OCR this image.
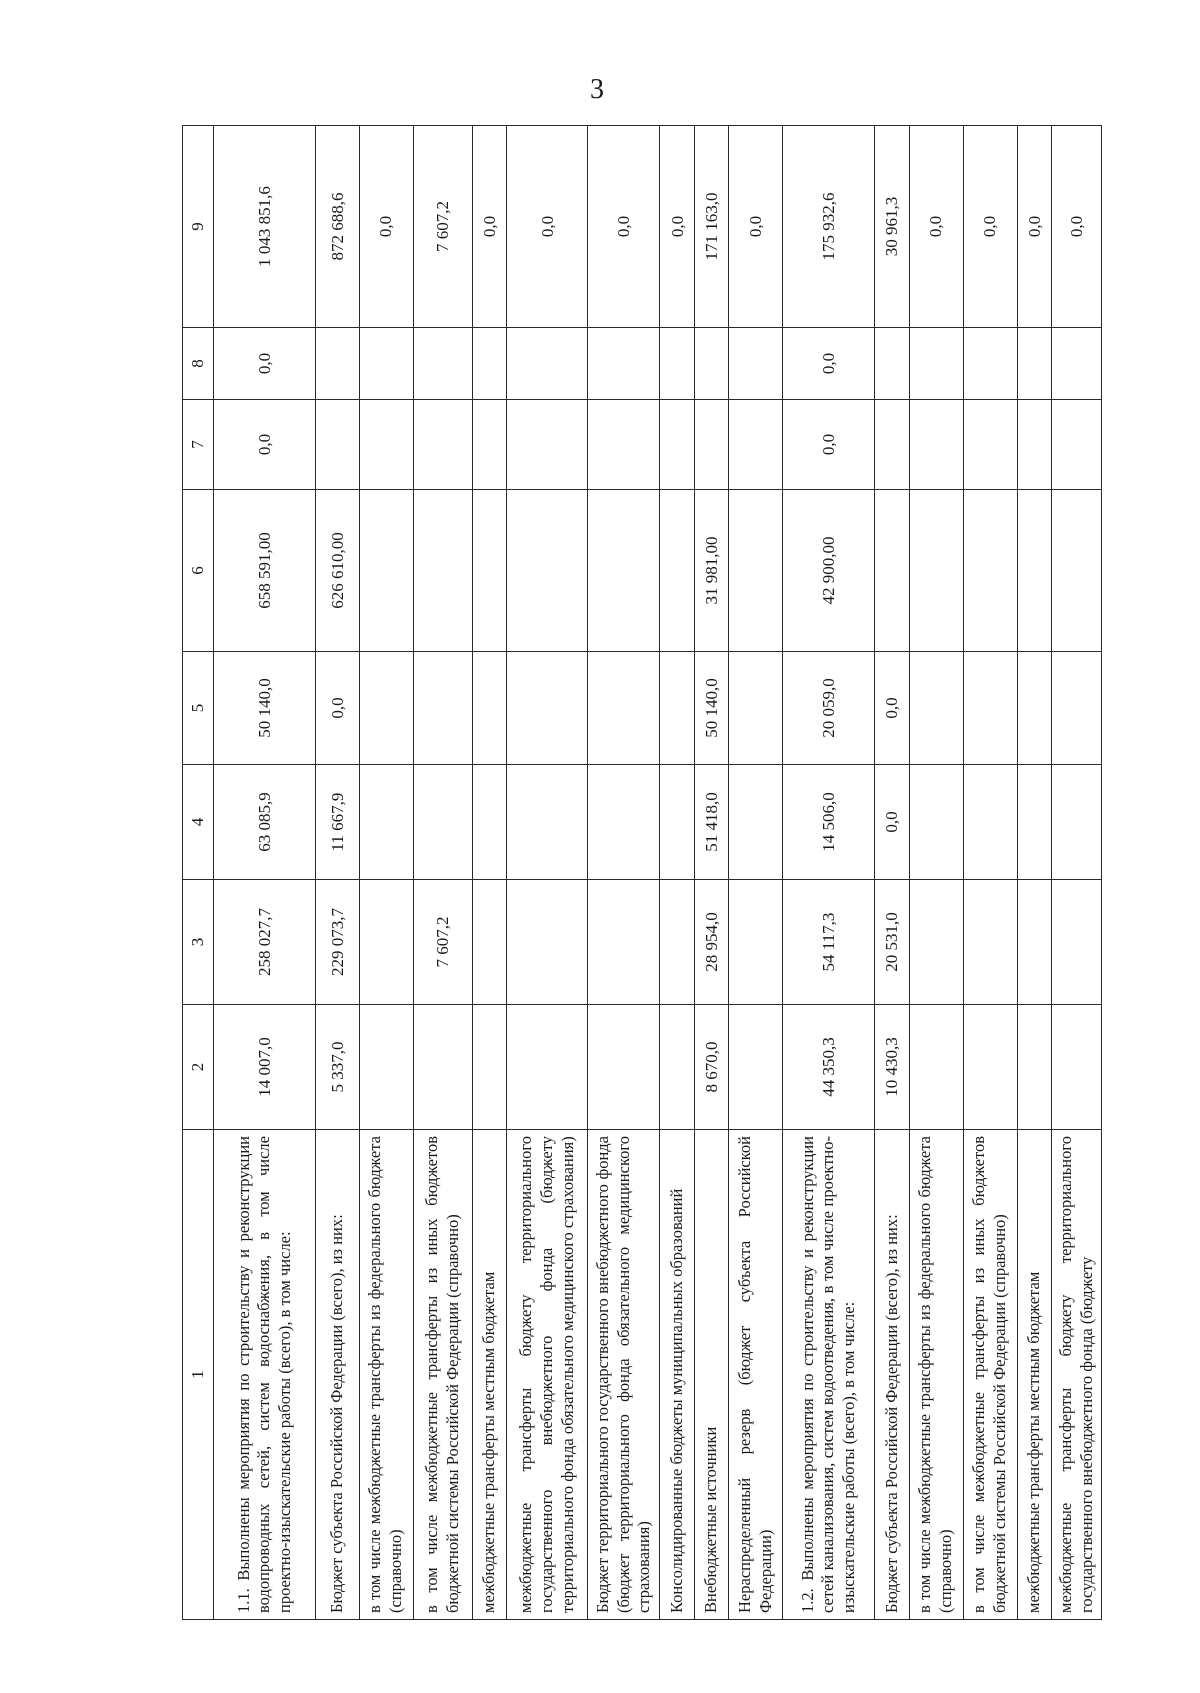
3
1	2	3	4	5	6	7	8	9
1.1. Выполнены мероприятия по строительству и реконструкции водопроводных сетей, систем водоснабжения, в том числе проектно-изыскательские работы (всего), в том числе:	14 007,0	258 027,7	63 085,9	50 140,0	658 591,00	0,0	0,0	1 043 851,6
Бюджет субъекта Российской Федерации (всего), из них:	5 337,0	229 073,7	11 667,9	0,0	626 610,00			872 688,6
в том числе межбюджетные трансферты из федерального бюджета (справочно)								0,0
в том числе межбюджетные трансферты из иных бюджетов бюджетной системы Российской Федерации (справочно)		7 607,2						7 607,2
межбюджетные трансферты местным бюджетам								0,0
межбюджетные трансферты бюджету территориального государственного внебюджетного фонда (бюджету территориального фонда обязательного медицинского страхования)								0,0
Бюджет территориального государственного внебюджетного фонда (бюджет территориального фонда обязательного медицинского страхования)								0,0
Консолидированные бюджеты муниципальных образований								0,0
Внебюджетные источники	8 670,0	28 954,0	51 418,0	50 140,0	31 981,00			171 163,0
Нераспределенный резерв (бюджет субъекта Российской Федерации)								0,0
1.2. Выполнены мероприятия по строительству и реконструкции сетей канализования, систем водоотведения, в том числе проектно-изыскательские работы (всего), в том числе:	44 350,3	54 117,3	14 506,0	20 059,0	42 900,00	0,0	0,0	175 932,6
Бюджет субъекта Российской Федерации (всего), из них:	10 430,3	20 531,0	0,0	0,0				30 961,3
в том числе межбюджетные трансферты из федерального бюджета (справочно)								0,0
в том числе межбюджетные трансферты из иных бюджетов бюджетной системы Российской Федерации (справочно)								0,0
межбюджетные трансферты местным бюджетам								0,0
межбюджетные трансферты бюджету территориального государственного внебюджетного фонда (бюджету								0,0
